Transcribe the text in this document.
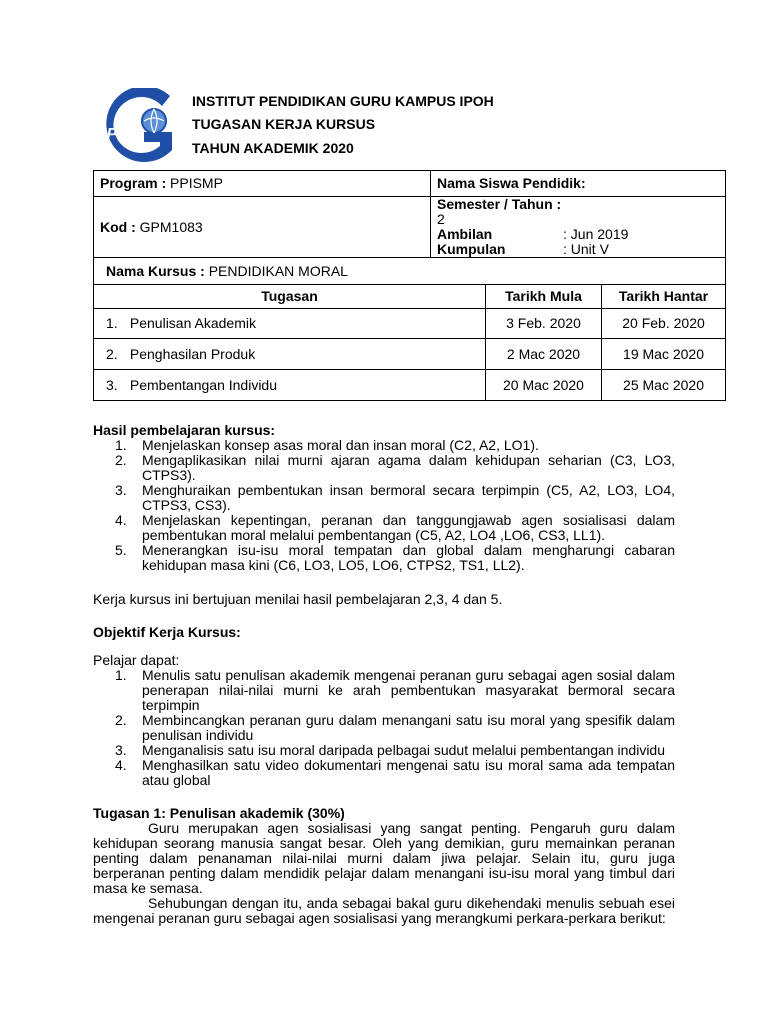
IPG
INSTITUT PENDIDIKAN GURU KAMPUS IPOH
TUGASAN KERJA KURSUS
TAHUN AKADEMIK 2020
Program : PPISMP	Nama Siswa Pendidik:		
Kod : GPM1083	Semester / Tahun : 2
Ambilan : Jun 2019
Kumpulan : Unit V		

Nama Kursus : PENDIDIKAN MORAL			
Tugasan		Tarikh Mula	Tarikh Hantar
1. Penulisan Akademik		3 Feb. 2020	20 Feb. 2020
2. Penghasilan Produk		2 Mac 2020	19 Mac 2020
3. Pembentangan Individu		20 Mac 2020	25 Mac 2020
Hasil pembelajaran kursus:
1. Menjelaskan konsep asas moral dan insan moral (C2, A2, LO1).
2. Mengaplikasikan nilai murni ajaran agama dalam kehidupan seharian (C3, LO3, CTPS3).
3. Menghuraikan pembentukan insan bermoral secara terpimpin (C5, A2, LO3, LO4, CTPS3, CS3).
4. Menjelaskan kepentingan, peranan dan tanggungjawab agen sosialisasi dalam pembentukan moral melalui pembentangan (C5, A2, LO4 ,LO6, CS3, LL1).
5. Menerangkan isu-isu moral tempatan dan global dalam mengharungi cabaran kehidupan masa kini (C6, LO3, LO5, LO6, CTPS2, TS1, LL2).
Kerja kursus ini bertujuan menilai hasil pembelajaran 2,3, 4 dan 5.
Objektif Kerja Kursus:
Pelajar dapat:
1. Menulis satu penulisan akademik mengenai peranan guru sebagai agen sosial dalam penerapan nilai-nilai murni ke arah pembentukan masyarakat bermoral secara terpimpin
2. Membincangkan peranan guru dalam menangani satu isu moral yang spesifik dalam penulisan individu
3. Menganalisis satu isu moral daripada pelbagai sudut melalui pembentangan individu
4. Menghasilkan satu video dokumentari mengenai satu isu moral sama ada tempatan atau global
Tugasan 1: Penulisan akademik (30%)

Guru merupakan agen sosialisasi yang sangat penting. Pengaruh guru dalam kehidupan seorang manusia sangat besar. Oleh yang demikian, guru memainkan peranan penting dalam penanaman nilai-nilai murni dalam jiwa pelajar. Selain itu, guru juga berperanan penting dalam mendidik pelajar dalam menangani isu-isu moral yang timbul dari masa ke semasa.

Sehubungan dengan itu, anda sebagai bakal guru dikehendaki menulis sebuah esei mengenai peranan guru sebagai agen sosialisasi yang merangkumi perkara-perkara berikut:
